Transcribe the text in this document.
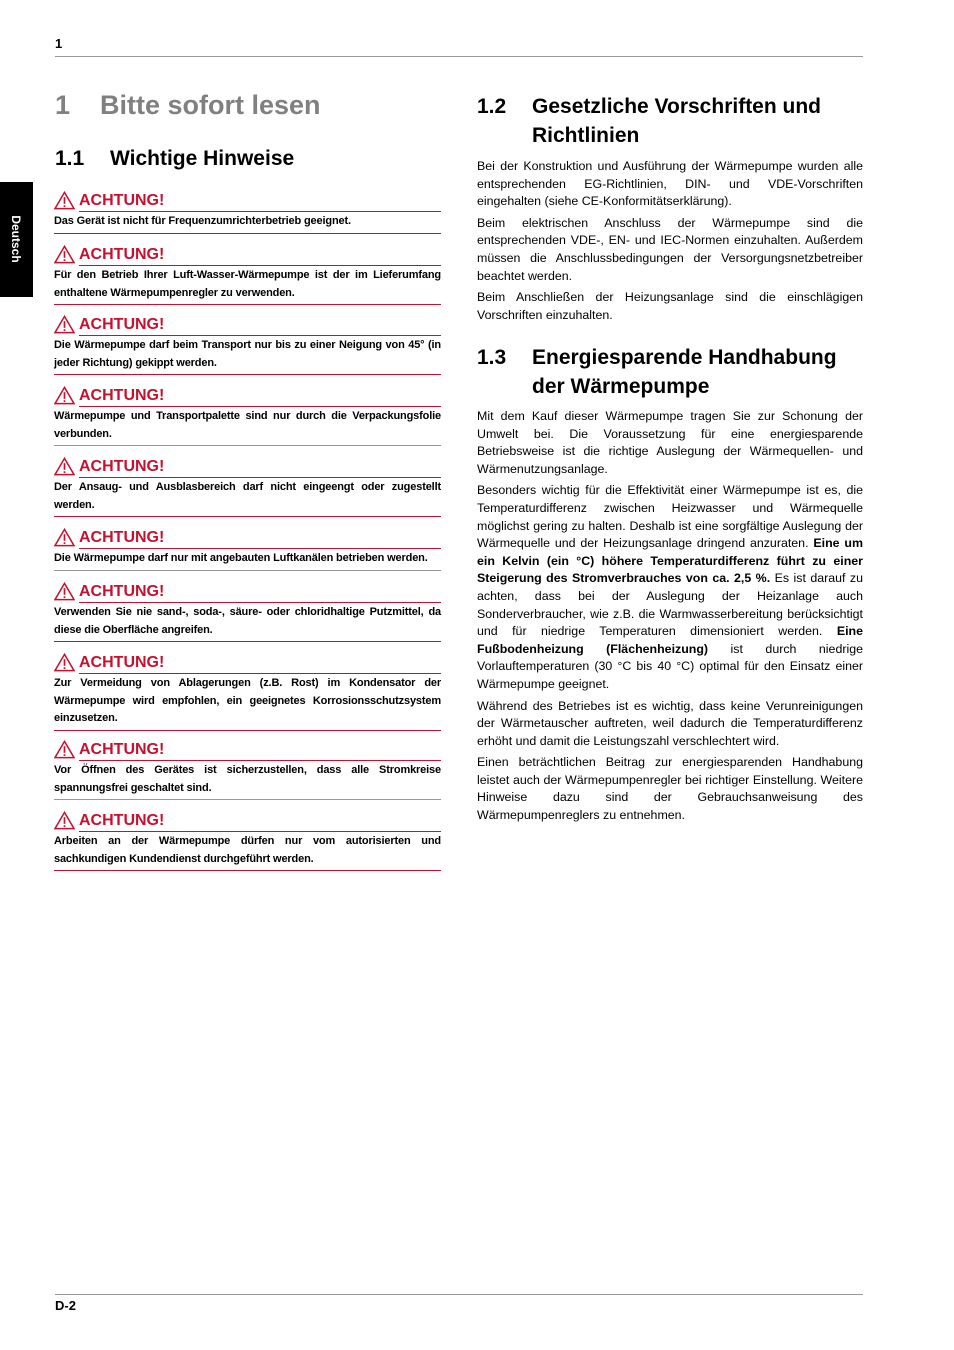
1
Deutsch
1 Bitte sofort lesen
1.1 Wichtige Hinweise
ACHTUNG!
Das Gerät ist nicht für Frequenzumrichterbetrieb geeignet.
ACHTUNG!
Für den Betrieb Ihrer Luft-Wasser-Wärmepumpe ist der im Lieferumfang enthaltene Wärmepumpenregler zu verwenden.
ACHTUNG!
Die Wärmepumpe darf beim Transport nur bis zu einer Neigung von 45° (in jeder Richtung) gekippt werden.
ACHTUNG!
Wärmepumpe und Transportpalette sind nur durch die Verpackungsfolie verbunden.
ACHTUNG!
Der Ansaug- und Ausblasbereich darf nicht eingeengt oder zugestellt werden.
ACHTUNG!
Die Wärmepumpe darf nur mit angebauten Luftkanälen betrieben werden.
ACHTUNG!
Verwenden Sie nie sand-, soda-, säure- oder chloridhaltige Putzmittel, da diese die Oberfläche angreifen.
ACHTUNG!
Zur Vermeidung von Ablagerungen (z.B. Rost) im Kondensator der Wärmepumpe wird empfohlen, ein geeignetes Korrosionsschutzsystem einzusetzen.
ACHTUNG!
Vor Öffnen des Gerätes ist sicherzustellen, dass alle Stromkreise spannungsfrei geschaltet sind.
ACHTUNG!
Arbeiten an der Wärmepumpe dürfen nur vom autorisierten und sachkundigen Kundendienst durchgeführt werden.
1.2 Gesetzliche Vorschriften und
Richtlinien

Bei der Konstruktion und Ausführung der Wärmepumpe wurden alle entsprechenden EG-Richtlinien, DIN- und VDE-Vorschriften eingehalten (siehe CE-Konformitätserklärung).

Beim elektrischen Anschluss der Wärmepumpe sind die entsprechenden VDE-, EN- und IEC-Normen einzuhalten. Außerdem müssen die Anschlussbedingungen der Versorgungsnetzbetreiber beachtet werden.

Beim Anschließen der Heizungsanlage sind die einschlägigen Vorschriften einzuhalten.

1.3 Energiesparende Handhabung
der Wärmepumpe

Mit dem Kauf dieser Wärmepumpe tragen Sie zur Schonung der Umwelt bei. Die Voraussetzung für eine energiesparende Betriebsweise ist die richtige Auslegung der Wärmequellen- und Wärmenutzungsanlage.

Besonders wichtig für die Effektivität einer Wärmepumpe ist es, die Temperaturdifferenz zwischen Heizwasser und Wärmequelle möglichst gering zu halten. Deshalb ist eine sorgfältige Auslegung der Wärmequelle und der Heizungsanlage dringend anzuraten. Eine um ein Kelvin (ein °C) höhere Temperaturdifferenz führt zu einer Steigerung des Stromverbrauches von ca. 2,5 %. Es ist darauf zu achten, dass bei der Auslegung der Heizanlage auch Sonderverbraucher, wie z.B. die Warmwasserbereitung berücksichtigt und für niedrige Temperaturen dimensioniert werden. Eine Fußbodenheizung (Flächenheizung) ist durch niedrige Vorlauftemperaturen (30 °C bis 40 °C) optimal für den Einsatz einer Wärmepumpe geeignet.

Während des Betriebes ist es wichtig, dass keine Verunreinigungen der Wärmetauscher auftreten, weil dadurch die Temperaturdifferenz erhöht und damit die Leistungszahl verschlechtert wird.

Einen beträchtlichen Beitrag zur energiesparenden Handhabung leistet auch der Wärmepumpenregler bei richtiger Einstellung. Weitere Hinweise dazu sind der Gebrauchsanweisung des Wärmepumpenreglers zu entnehmen.

D-2
